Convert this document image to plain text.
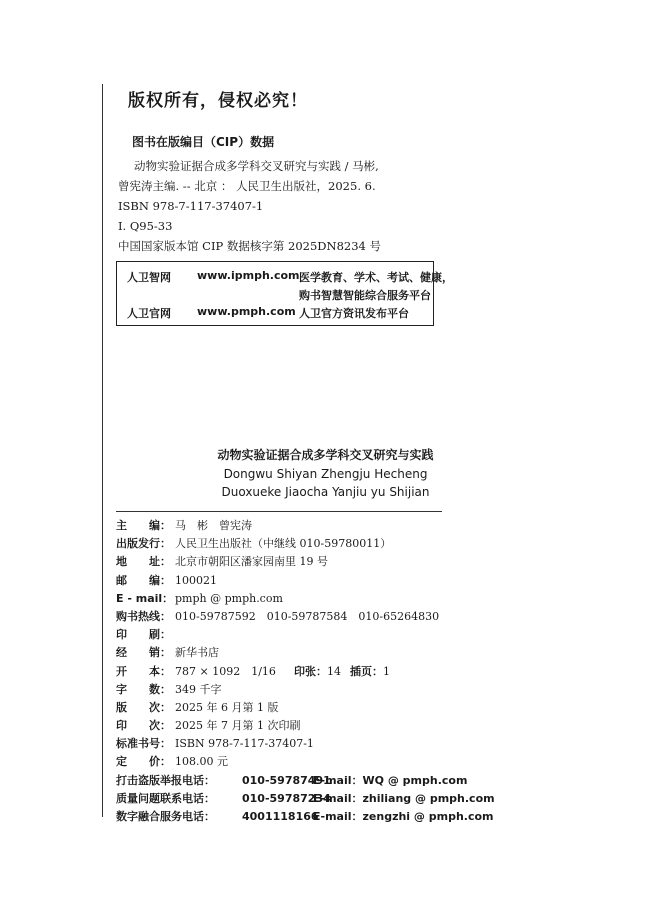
版权所有，侵权必究！
图书在版编目（CIP）数据
动物实验证据合成多学科交叉研究与实践 / 马彬,
曾宪涛主编. -- 北京 ： 人民卫生出版社，2025. 6.
ISBN 978-7-117-37407-1
Ⅰ. Q95-33
中国国家版本馆 CIP 数据核字第 2025DN8234 号
人卫智网 www.ipmph.com 医学教育、学术、考试、健康，
购书智慧智能综合服务平台
人卫官网 www.pmph.com 人卫官方资讯发布平台
动物实验证据合成多学科交叉研究与实践
Dongwu Shiyan Zhengju Hecheng
Duoxueke Jiaocha Yanjiu yu Shijian
主　　编： 马　彬　曾宪涛
出版发行： 人民卫生出版社（中继线 010-59780011）
地　　址： 北京市朝阳区潘家园南里 19 号
邮　　编： 100021
E - mail： pmph @ pmph.com
购书热线： 010-59787592　010-59787584　010-65264830
印　　刷：
经　　销： 新华书店
开　　本： 787 × 1092　1/16 印张：14 插页：1
字　　数： 349 千字
版　　次： 2025 年 6 月第 1 版
印　　次： 2025 年 7 月第 1 次印刷
标准书号： ISBN 978-7-117-37407-1
定　　价： 108.00 元
打击盗版举报电话： 010-59787491
E-mail：WQ @ pmph.com
质量问题联系电话： 010-59787234
E-mail：zhiliang @ pmph.com
数字融合服务电话： 4001118166
E-mail：zengzhi @ pmph.com
